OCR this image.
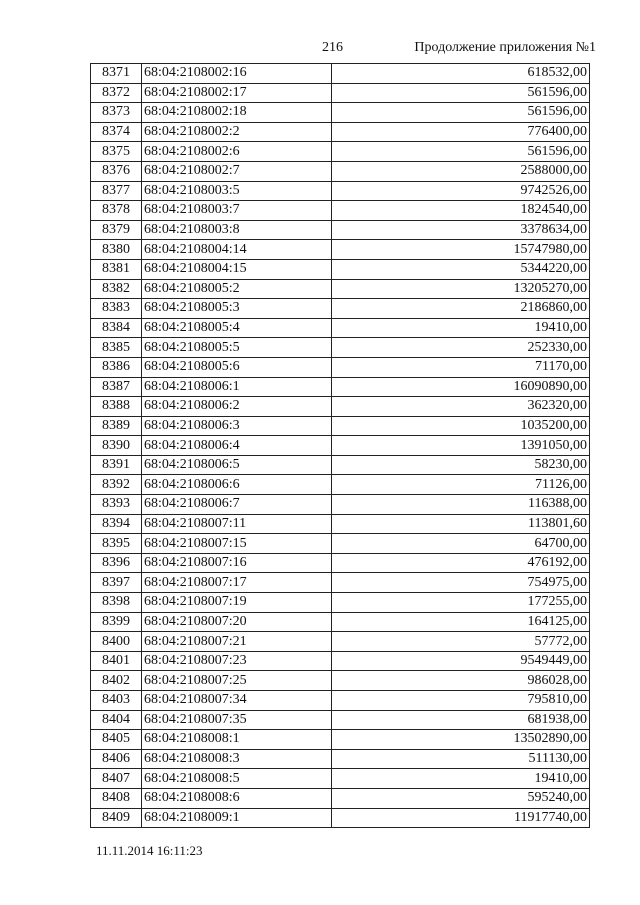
216	Продолжение приложения №1
8371	68:04:2108002:16	618532,00
8372	68:04:2108002:17	561596,00
8373	68:04:2108002:18	561596,00
8374	68:04:2108002:2	776400,00
8375	68:04:2108002:6	561596,00
8376	68:04:2108002:7	2588000,00
8377	68:04:2108003:5	9742526,00
8378	68:04:2108003:7	1824540,00
8379	68:04:2108003:8	3378634,00
8380	68:04:2108004:14	15747980,00
8381	68:04:2108004:15	5344220,00
8382	68:04:2108005:2	13205270,00
8383	68:04:2108005:3	2186860,00
8384	68:04:2108005:4	19410,00
8385	68:04:2108005:5	252330,00
8386	68:04:2108005:6	71170,00
8387	68:04:2108006:1	16090890,00
8388	68:04:2108006:2	362320,00
8389	68:04:2108006:3	1035200,00
8390	68:04:2108006:4	1391050,00
8391	68:04:2108006:5	58230,00
8392	68:04:2108006:6	71126,00
8393	68:04:2108006:7	116388,00
8394	68:04:2108007:11	113801,60
8395	68:04:2108007:15	64700,00
8396	68:04:2108007:16	476192,00
8397	68:04:2108007:17	754975,00
8398	68:04:2108007:19	177255,00
8399	68:04:2108007:20	164125,00
8400	68:04:2108007:21	57772,00
8401	68:04:2108007:23	9549449,00
8402	68:04:2108007:25	986028,00
8403	68:04:2108007:34	795810,00
8404	68:04:2108007:35	681938,00
8405	68:04:2108008:1	13502890,00
8406	68:04:2108008:3	511130,00
8407	68:04:2108008:5	19410,00
8408	68:04:2108008:6	595240,00
8409	68:04:2108009:1	11917740,00
11.11.2014 16:11:23
